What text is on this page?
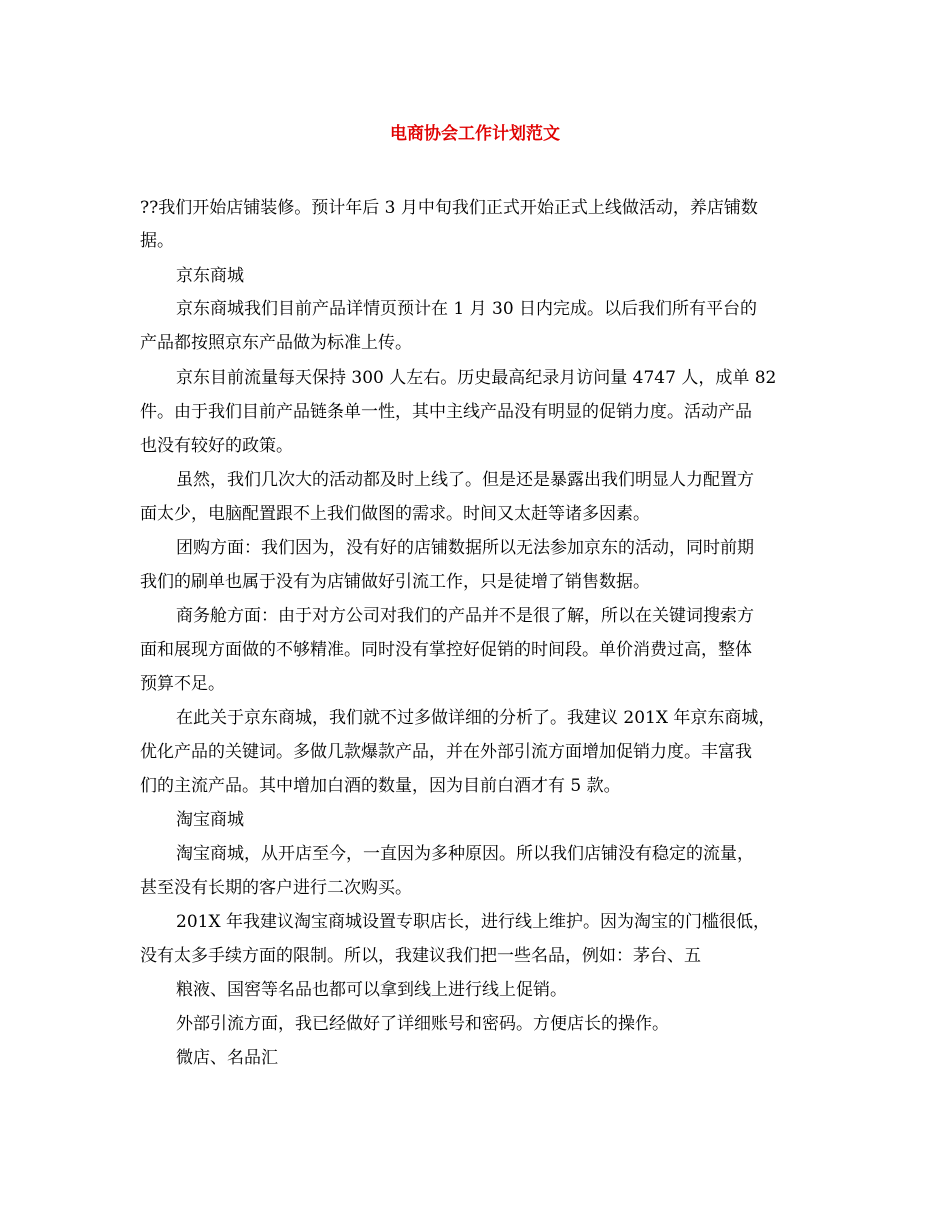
电商协会工作计划范文

??我们开始店铺装修。预计年后 3 月中旬我们正式开始正式上线做活动，养店铺数

据。

京东商城

京东商城我们目前产品详情页预计在 1 月 30 日内完成。以后我们所有平台的

产品都按照京东产品做为标准上传。

京东目前流量每天保持 300 人左右。历史最高纪录月访问量 4747 人，成单 82

件。由于我们目前产品链条单一性，其中主线产品没有明显的促销力度。活动产品

也没有较好的政策。

虽然，我们几次大的活动都及时上线了。但是还是暴露出我们明显人力配置方

面太少，电脑配置跟不上我们做图的需求。时间又太赶等诸多因素。

团购方面：我们因为，没有好的店铺数据所以无法参加京东的活动，同时前期

我们的刷单也属于没有为店铺做好引流工作，只是徒增了销售数据。

商务舱方面：由于对方公司对我们的产品并不是很了解，所以在关键词搜索方

面和展现方面做的不够精准。同时没有掌控好促销的时间段。单价消费过高，整体

预算不足。

在此关于京东商城，我们就不过多做详细的分析了。我建议 201X 年京东商城，

优化产品的关键词。多做几款爆款产品，并在外部引流方面增加促销力度。丰富我

们的主流产品。其中增加白酒的数量，因为目前白酒才有 5 款。

淘宝商城

淘宝商城，从开店至今，一直因为多种原因。所以我们店铺没有稳定的流量，

甚至没有长期的客户进行二次购买。

201X 年我建议淘宝商城设置专职店长，进行线上维护。因为淘宝的门槛很低，

没有太多手续方面的限制。所以，我建议我们把一些名品，例如：茅台、五

粮液、国窖等名品也都可以拿到线上进行线上促销。

外部引流方面，我已经做好了详细账号和密码。方便店长的操作。

微店、名品汇
